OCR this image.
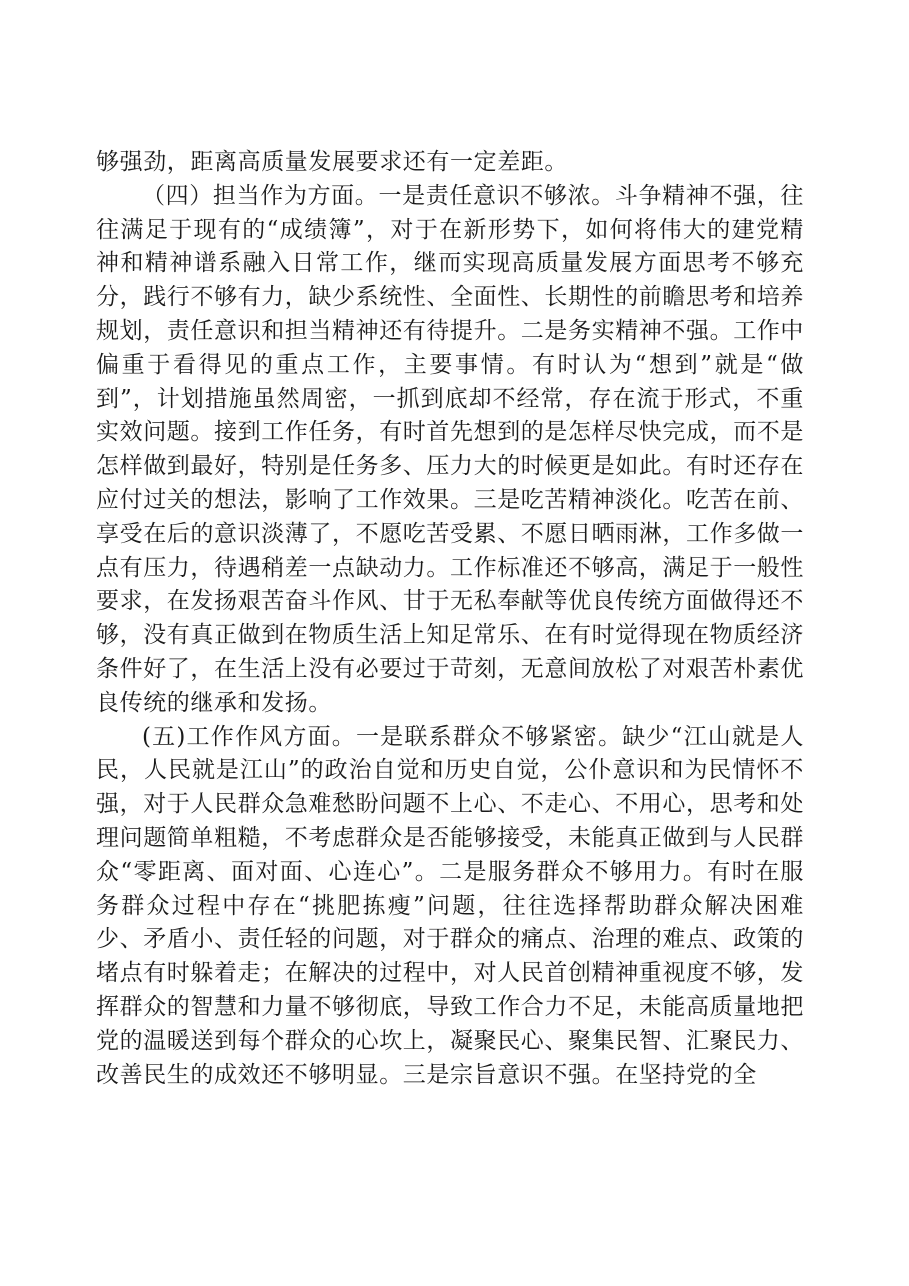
够强劲，距离高质量发展要求还有一定差距。

（四）担当作为方面。一是责任意识不够浓。斗争精神不强，往往满足于现有的“成绩簿”，对于在新形势下，如何将伟大的建党精神和精神谱系融入日常工作，继而实现高质量发展方面思考不够充分，践行不够有力，缺少系统性、全面性、长期性的前瞻思考和培养规划，责任意识和担当精神还有待提升。二是务实精神不强。工作中偏重于看得见的重点工作，主要事情。有时认为“想到”就是“做到”，计划措施虽然周密，一抓到底却不经常，存在流于形式，不重实效问题。接到工作任务，有时首先想到的是怎样尽快完成，而不是怎样做到最好，特别是任务多、压力大的时候更是如此。有时还存在应付过关的想法，影响了工作效果。三是吃苦精神淡化。吃苦在前、享受在后的意识淡薄了，不愿吃苦受累、不愿日晒雨淋，工作多做一点有压力，待遇稍差一点缺动力。工作标准还不够高，满足于一般性要求，在发扬艰苦奋斗作风、甘于无私奉献等优良传统方面做得还不够，没有真正做到在物质生活上知足常乐、在有时觉得现在物质经济条件好了，在生活上没有必要过于苛刻，无意间放松了对艰苦朴素优良传统的继承和发扬。

(五)工作作风方面。一是联系群众不够紧密。缺少“江山就是人民，人民就是江山”的政治自觉和历史自觉，公仆意识和为民情怀不强，对于人民群众急难愁盼问题不上心、不走心、不用心，思考和处理问题简单粗糙，不考虑群众是否能够接受，未能真正做到与人民群众“零距离、面对面、心连心”。二是服务群众不够用力。有时在服务群众过程中存在“挑肥拣瘦”问题，往往选择帮助群众解决困难少、矛盾小、责任轻的问题，对于群众的痛点、治理的难点、政策的堵点有时躲着走；在解决的过程中，对人民首创精神重视度不够，发挥群众的智慧和力量不够彻底，导致工作合力不足，未能高质量地把党的温暖送到每个群众的心坎上，凝聚民心、聚集民智、汇聚民力、改善民生的成效还不够明显。三是宗旨意识不强。在坚持党的全
